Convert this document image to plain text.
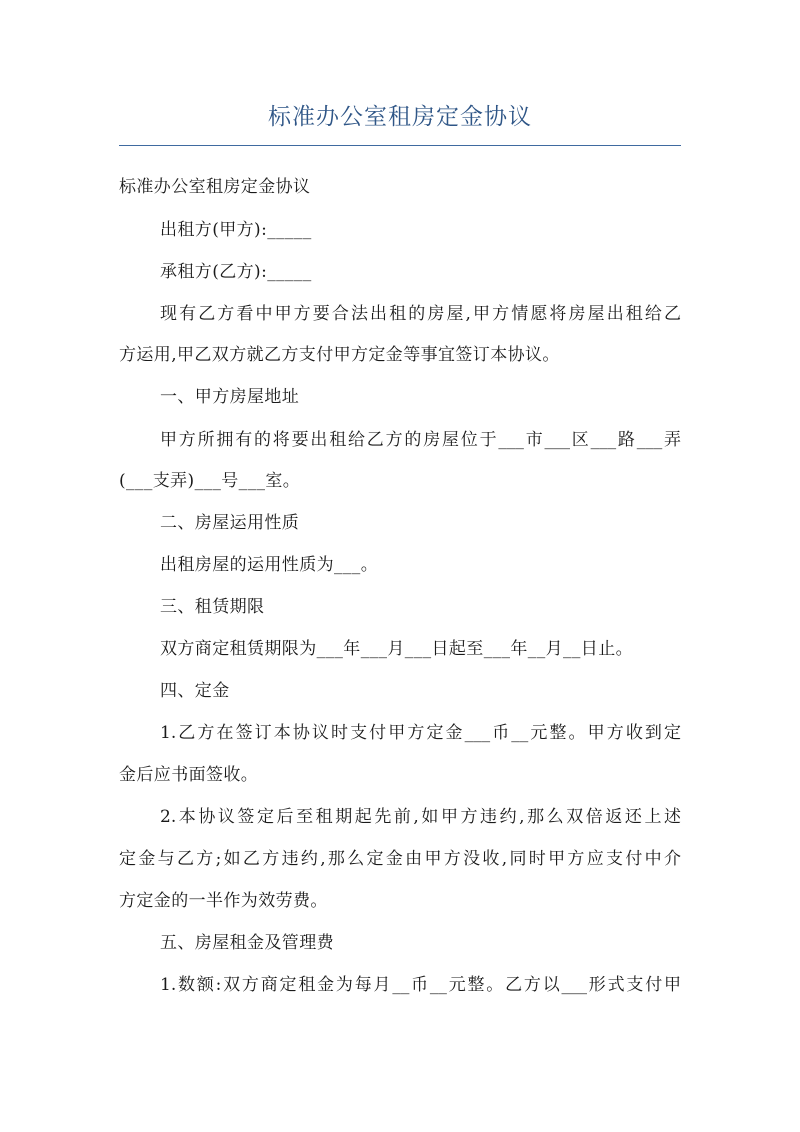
标准办公室租房定金协议
标准办公室租房定金协议
出租方(甲方):_____
承租方(乙方):_____
现有乙方看中甲方要合法出租的房屋,甲方情愿将房屋出租给乙
方运用,甲乙双方就乙方支付甲方定金等事宜签订本协议。
一、甲方房屋地址
甲方所拥有的将要出租给乙方的房屋位于___市___区___路___弄
(___支弄)___号___室。
二、房屋运用性质
出租房屋的运用性质为___。
三、租赁期限
双方商定租赁期限为___年___月___日起至___年__月__日止。
四、定金
1.乙方在签订本协议时支付甲方定金___币__元整。甲方收到定
金后应书面签收。
2.本协议签定后至租期起先前,如甲方违约,那么双倍返还上述
定金与乙方;如乙方违约,那么定金由甲方没收,同时甲方应支付中介
方定金的一半作为效劳费。
五、房屋租金及管理费
1.数额:双方商定租金为每月__币__元整。乙方以___形式支付甲
